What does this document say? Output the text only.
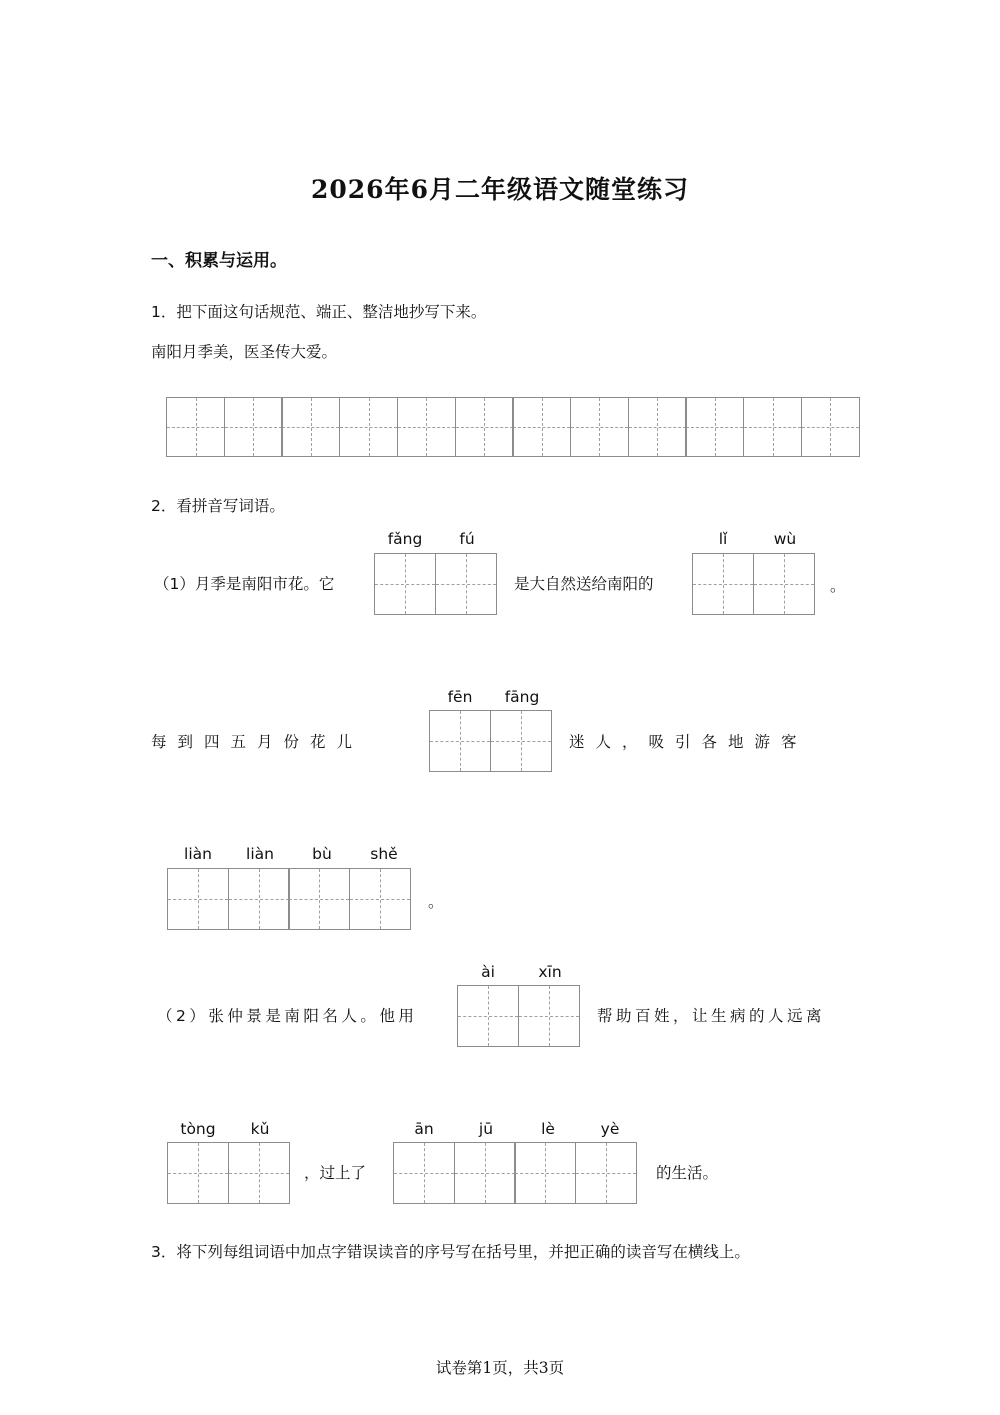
2026年6月二年级语文随堂练习
一、积累与运用。
1．把下面这句话规范、端正、整洁地抄写下来。
南阳月季美，医圣传大爱。
2．看拼音写词语。
（1）月季是南阳市花。它
fǎng	fú
是大自然送给南阳的
lǐ	wù
。
每到四五月份花儿
fēn	fāng
迷人，吸引各地游客
liàn	liàn	bù	shě
。
（2）张仲景是南阳名人。他用
ài	xīn
帮助百姓，让生病的人远离
tòng	kǔ
，过上了
ān	jū	lè	yè
的生活。
3．将下列每组词语中加点字错误读音的序号写在括号里，并把正确的读音写在横线上。
试卷第1页，共3页
